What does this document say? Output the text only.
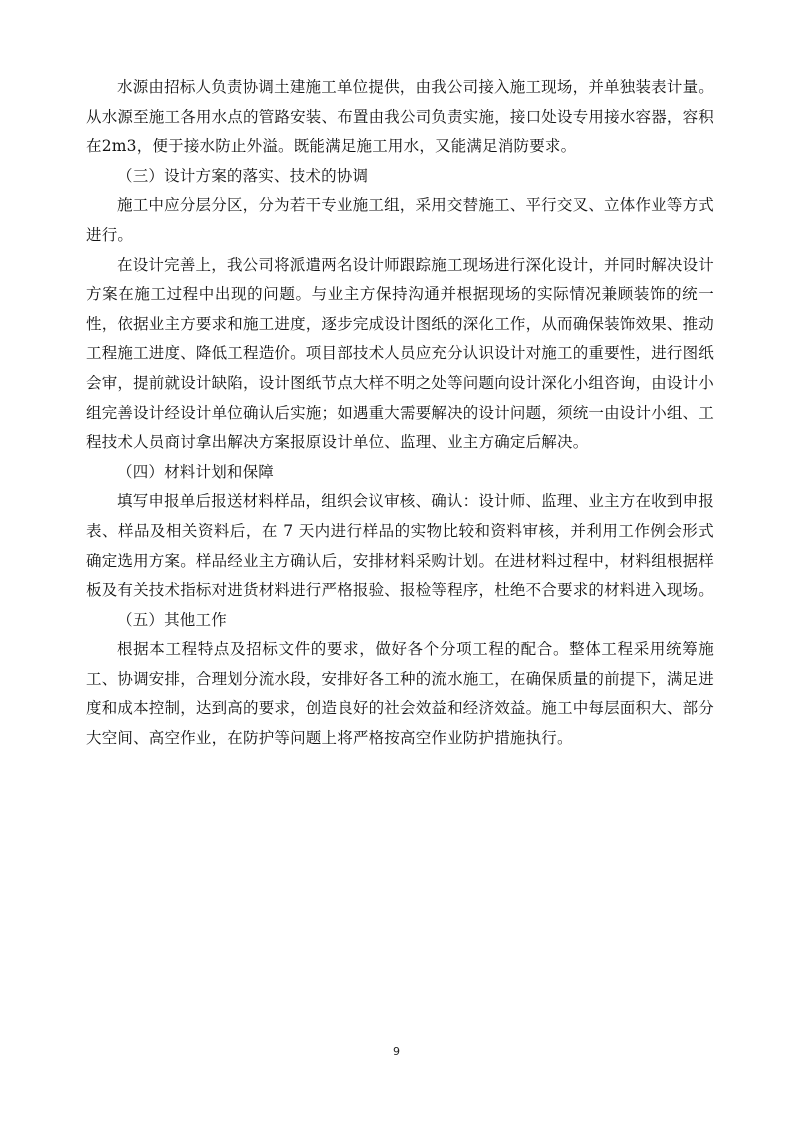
水源由招标人负责协调土建施工单位提供，由我公司接入施工现场，并单独装表计量。从水源至施工各用水点的管路安装、布置由我公司负责实施，接口处设专用接水容器，容积在2m3，便于接水防止外溢。既能满足施工用水，又能满足消防要求。

（三）设计方案的落实、技术的协调

施工中应分层分区，分为若干专业施工组，采用交替施工、平行交叉、立体作业等方式进行。

在设计完善上，我公司将派遣两名设计师跟踪施工现场进行深化设计，并同时解决设计方案在施工过程中出现的问题。与业主方保持沟通并根据现场的实际情况兼顾装饰的统一性，依据业主方要求和施工进度，逐步完成设计图纸的深化工作，从而确保装饰效果、推动工程施工进度、降低工程造价。项目部技术人员应充分认识设计对施工的重要性，进行图纸会审，提前就设计缺陷，设计图纸节点大样不明之处等问题向设计深化小组咨询，由设计小组完善设计经设计单位确认后实施；如遇重大需要解决的设计问题，须统一由设计小组、工程技术人员商讨拿出解决方案报原设计单位、监理、业主方确定后解决。

（四）材料计划和保障

填写申报单后报送材料样品，组织会议审核、确认：设计师、监理、业主方在收到申报表、样品及相关资料后，在 7 天内进行样品的实物比较和资料审核，并利用工作例会形式确定选用方案。样品经业主方确认后，安排材料采购计划。在进材料过程中，材料组根据样板及有关技术指标对进货材料进行严格报验、报检等程序，杜绝不合要求的材料进入现场。

（五）其他工作

根据本工程特点及招标文件的要求，做好各个分项工程的配合。整体工程采用统筹施工、协调安排，合理划分流水段，安排好各工种的流水施工，在确保质量的前提下，满足进度和成本控制，达到高的要求，创造良好的社会效益和经济效益。施工中每层面积大、部分大空间、高空作业，在防护等问题上将严格按高空作业防护措施执行。

9
